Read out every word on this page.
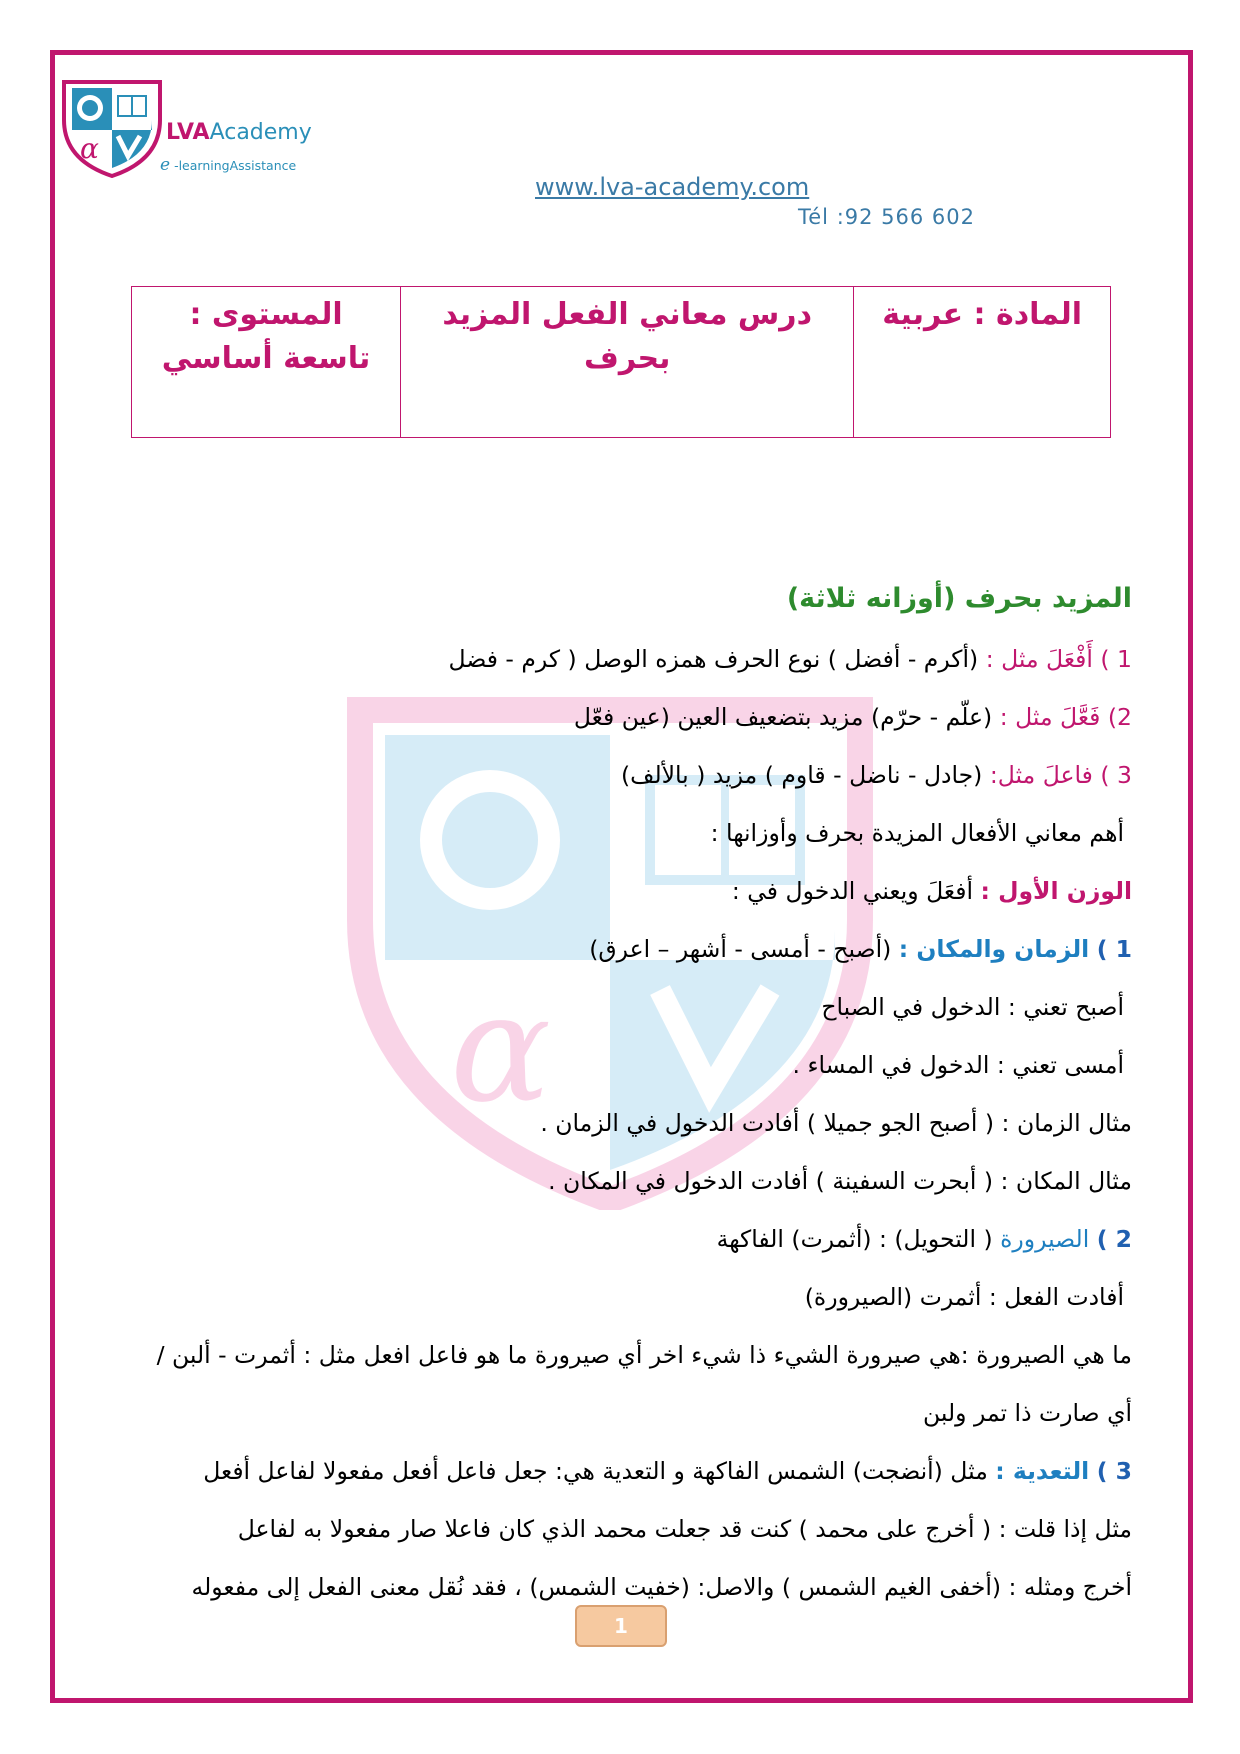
α	LVAAcademy
e -learningAssistance
www.lva-academy.com
Tél :92 566 602
المادة : عربية	درس معاني الفعل المزيد بحرف	المستوى : تاسعة أساسي
α
المزيد بحرف (أوزانه ثلاثة)
1 ) أَفْعَلَ مثل : (أكرم - أفضل ) نوع الحرف همزه الوصل ( كرم - فضل
2) فَعَّلَ مثل : (علّم - حرّم) مزيد بتضعيف العين (عين فعّل
3 ) فاعلَ مثل: (جادل - ناضل - قاوم ) مزيد ( بالألف)
أهم معاني الأفعال المزيدة بحرف وأوزانها :
الوزن الأول : أفعَلَ ويعني الدخول في :
1 ) الزمان والمكان : (أصبح - أمسى - أشهر – اعرق)
أصبح تعني : الدخول في الصباح
أمسى تعني : الدخول في المساء .
مثال الزمان : ( أصبح الجو جميلا ) أفادت الدخول في الزمان .
مثال المكان : ( أبحرت السفينة ) أفادت الدخول في المكان .
2 ) الصيرورة ( التحويل) : (أثمرت) الفاكهة
أفادت الفعل : أثمرت (الصيرورة)
ما هي الصيرورة :هي صيرورة الشيء ذا شيء اخر أي صيرورة ما هو فاعل افعل مثل : أثمرت - ألبن / أي صارت ذا تمر ولبن
3 ) التعدية : مثل (أنضجت) الشمس الفاكهة و التعدية هي: جعل فاعل أفعل مفعولا لفاعل أفعل
مثل إذا قلت : ( أخرج على محمد ) كنت قد جعلت محمد الذي كان فاعلا صار مفعولا به لفاعل
أخرج ومثله : (أخفى الغيم الشمس ) والاصل: (خفيت الشمس) ، فقد نُقل معنى الفعل إلى مفعوله
1
